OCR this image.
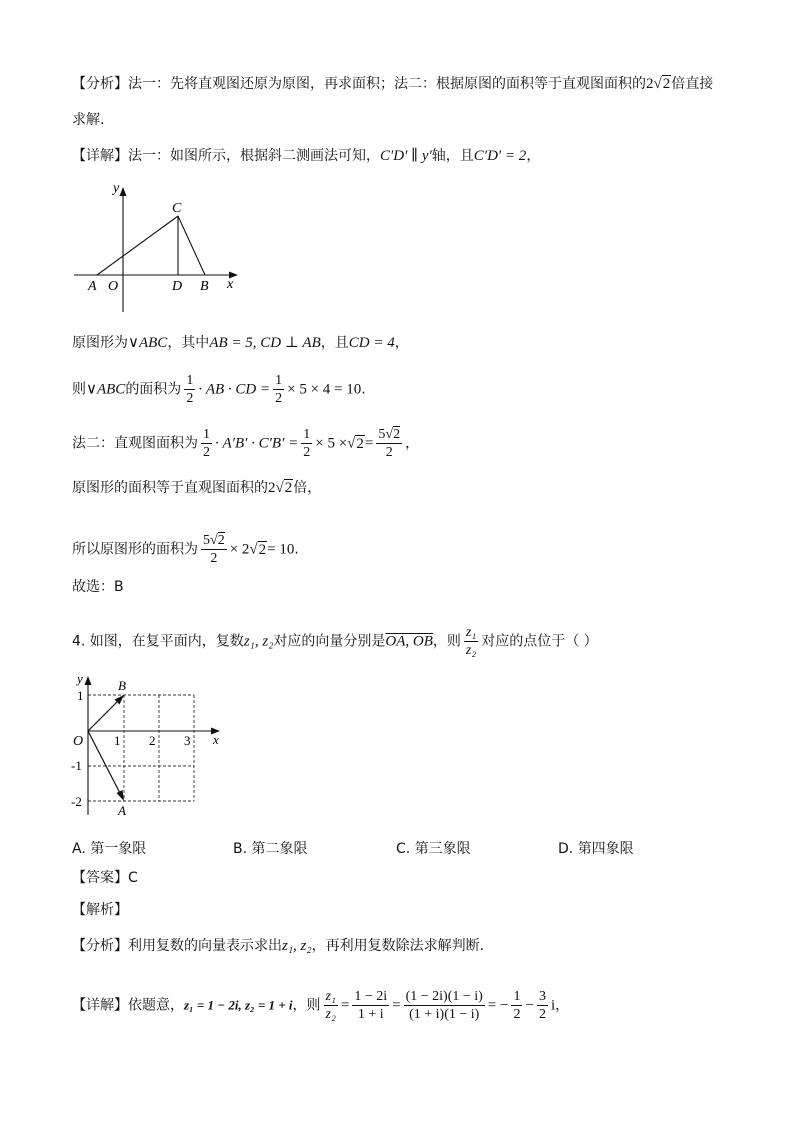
【分析】法一：先将直观图还原为原图，再求面积；法二：根据原图的面积等于直观图面积的2√2倍直接
求解.
【详解】法一：如图所示，根据斜二测画法可知，C′D′ ∥ y′轴，且C′D′ = 2，
y
C
x
A O	D B
原图形为∨ABC，其中AB = 5, CD ⊥ AB，且CD = 4，
则∨ABC的面积为 $\frac{1}{2}$ · AB · CD = $\frac{1}{2} \times 5 \times 4 = 10$.
法二：直观图面积为 $\frac{1}{2} \cdot A'B' \cdot C'B' = \frac{1}{2} \times 5 \times√2= \frac{5√2}{2}$ ，
原图形的面积等于直观图面积的2√2倍，
所以原图形的面积为 $\frac{5√2}{2} \times 2√2= 10$.
故选：B
4. 如图，在复平面内，复数z₁, z₂对应的向量分别是OA, OB，则 $\frac{\text{z₁}}{\text{z₂}}$ 对应的点位于（ ）
y	B
1
O 1 2 3 x
-1
-2
A
A. 第一象限	B. 第二象限	C. 第三象限	D. 第四象限
【答案】C
【解析】
【分析】利用复数的向量表示求出z₁, z₂，再利用复数除法求解判断.
【详解】依题意，z₁ = 1 − 2i, z₂ = 1 + i，则 $\frac{\text{z₁}}{\text{z₂}} = \frac{1 - 2i}{1 + i} = \frac{(1 - 2i)(1 - i)}{(1 + i)(1 - i)}$ = − $\frac{1}{2} - \frac{3}{2}$ i，
